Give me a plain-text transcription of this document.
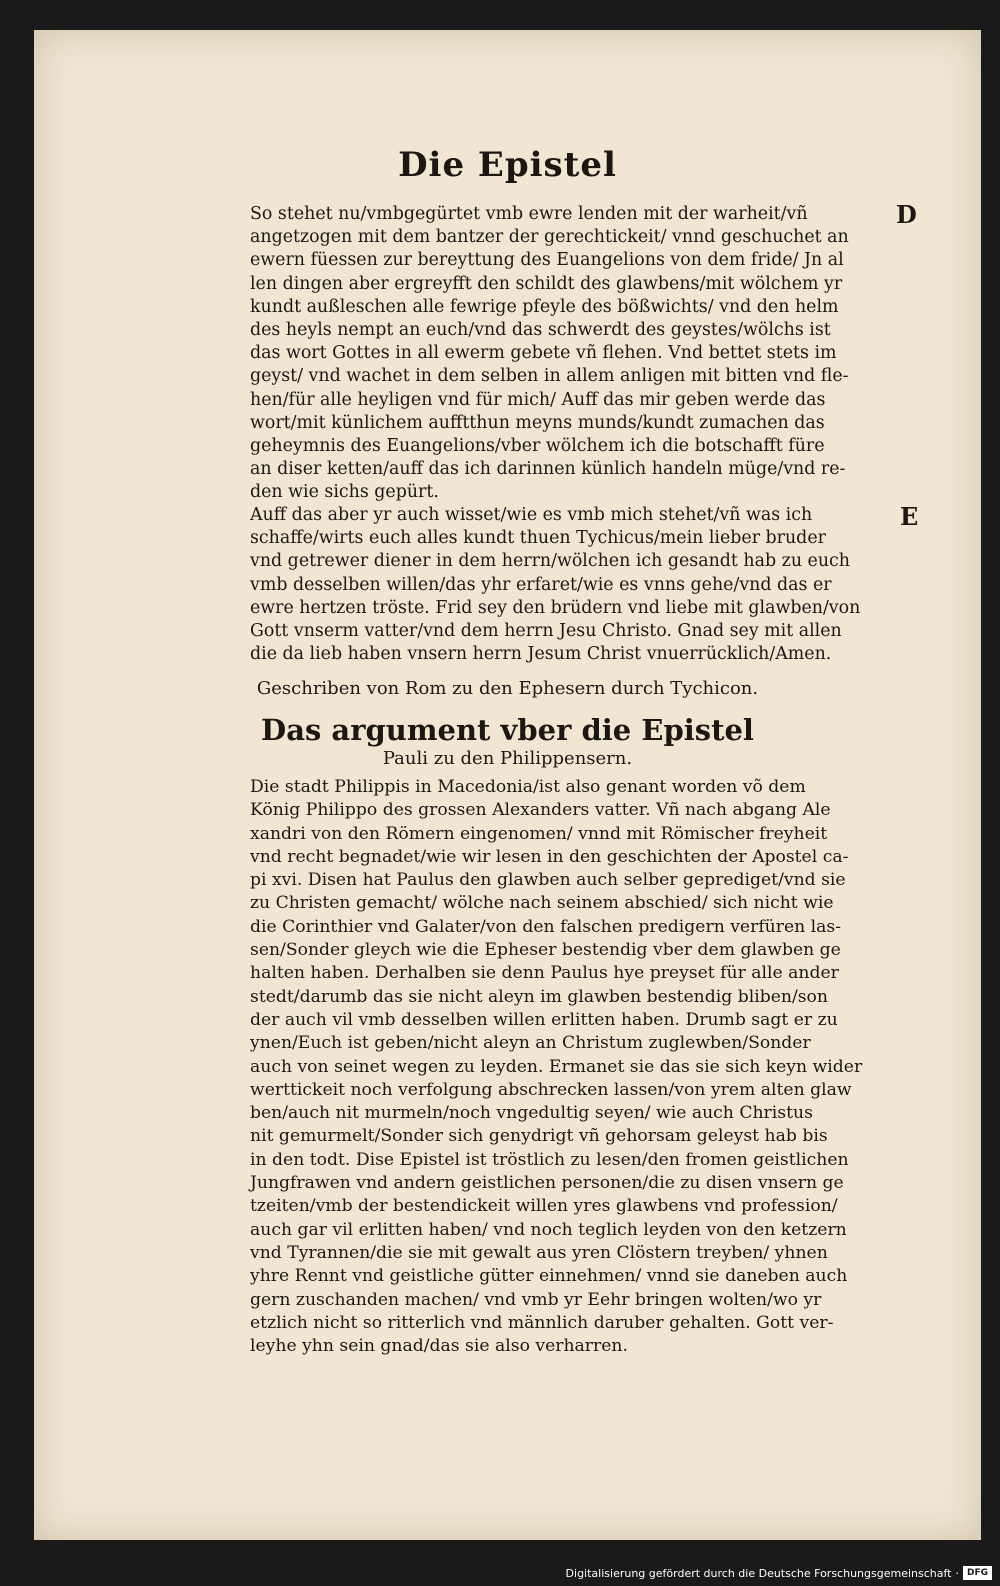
Die Epistel
D
E

So stehet nu/vmbgegürtet vmb ewre lenden mit der warheit/vñ

angetzogen mit dem bantzer der gerechtickeit/ vnnd geschuchet an

ewern füessen zur bereyttung des Euangelions von dem fride/ Jn al

len dingen aber ergreyfft den schildt des glawbens/mit wölchem yr

kundt außleschen alle fewrige pfeyle des bößwichts/ vnd den helm

des heyls nempt an euch/vnd das schwerdt des geystes/wölchs ist

das wort Gottes in all ewerm gebete vñ flehen. Vnd bettet stets im

geyst/ vnd wachet in dem selben in allem anligen mit bitten vnd fle-

hen/für alle heyligen vnd für mich/ Auff das mir geben werde das

wort/mit künlichem aufftthun meyns munds/kundt zumachen das

geheymnis des Euangelions/vber wölchem ich die botschafft füre

an diser ketten/auff das ich darinnen künlich handeln müge/vnd re-

den wie sichs gepürt.

Auff das aber yr auch wisset/wie es vmb mich stehet/vñ was ich

schaffe/wirts euch alles kundt thuen Tychicus/mein lieber bruder

vnd getrewer diener in dem herrn/wölchen ich gesandt hab zu euch

vmb desselben willen/das yhr erfaret/wie es vnns gehe/vnd das er

ewre hertzen tröste. Frid sey den brüdern vnd liebe mit glawben/von

Gott vnserm vatter/vnd dem herrn Jesu Christo. Gnad sey mit allen

die da lieb haben vnsern herrn Jesum Christ vnuerrücklich/Amen.

Geschriben von Rom zu den Ephesern durch Tychicon.
Das argument vber die Epistel
Pauli zu den Philippensern.

Die stadt Philippis in Macedonia/ist also genant worden võ dem

König Philippo des grossen Alexanders vatter. Vñ nach abgang Ale

xandri von den Römern eingenomen/ vnnd mit Römischer freyheit

vnd recht begnadet/wie wir lesen in den geschichten der Apostel ca-

pi xvi. Disen hat Paulus den glawben auch selber geprediget/vnd sie

zu Christen gemacht/ wölche nach seinem abschied/ sich nicht wie

die Corinthier vnd Galater/von den falschen predigern verfüren las-

sen/Sonder gleych wie die Epheser bestendig vber dem glawben ge

halten haben. Derhalben sie denn Paulus hye preyset für alle ander

stedt/darumb das sie nicht aleyn im glawben bestendig bliben/son

der auch vil vmb desselben willen erlitten haben. Drumb sagt er zu

ynen/Euch ist geben/nicht aleyn an Christum zuglewben/Sonder

auch von seinet wegen zu leyden. Ermanet sie das sie sich keyn wider

werttickeit noch verfolgung abschrecken lassen/von yrem alten glaw

ben/auch nit murmeln/noch vngedultig seyen/ wie auch Christus

nit gemurmelt/Sonder sich genydrigt vñ gehorsam geleyst hab bis

in den todt. Dise Epistel ist tröstlich zu lesen/den fromen geistlichen

Jungfrawen vnd andern geistlichen personen/die zu disen vnsern ge

tzeiten/vmb der bestendickeit willen yres glawbens vnd profession/

auch gar vil erlitten haben/ vnd noch teglich leyden von den ketzern

vnd Tyrannen/die sie mit gewalt aus yren Clöstern treyben/ yhnen

yhre Rennt vnd geistliche gütter einnehmen/ vnnd sie daneben auch

gern zuschanden machen/ vnd vmb yr Eehr bringen wolten/wo yr

etzlich nicht so ritterlich vnd männlich daruber gehalten. Gott ver-

leyhe yhn sein gnad/das sie also verharren.

Digitalisierung gefördert durch die Deutsche Forschungsgemeinschaft · DFG
